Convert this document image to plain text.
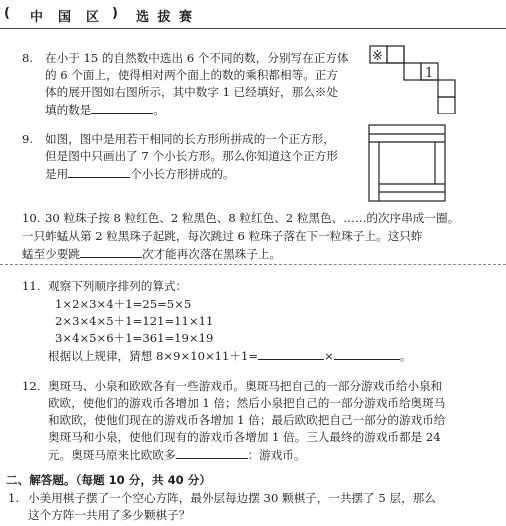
( 中 国 区 ) 选 拔 赛
8. 在小于 15 的自然数中选出 6 个不同的数，分别写在正方体
的 6 个面上，使得相对两个面上的数的乘积都相等。正方
体的展开图如右图所示，其中数字 1 已经填好，那么※处
填的数是	。
※
1
9. 如图，图中是用若干相同的长方形所拼成的一个正方形，
但是图中只画出了 7 个小长方形。那么你知道这个正方形
是用	个小长方形拼成的。
10. 30 粒珠子按 8 粒红色、2 粒黑色、8 粒红色、2 粒黑色、……的次序串成一圈。
一只蚱蜢从第 2 粒黑珠子起跳，每次跳过 6 粒珠子落在下一粒珠子上。这只蚱
蜢至少要跳	次才能再次落在黑珠子上。
11. 观察下列顺序排列的算式：
1×2×3×4＋1=25=5×5
2×3×4×5＋1=121=11×11
3×4×5×6＋1=361=19×19
根据以上规律，猜想 8×9×10×11＋1=	×	。
12. 奥斑马、小泉和欧欧各有一些游戏币。奥斑马把自己的一部分游戏币给小泉和
欧欧，使他们的游戏币各增加 1 倍；然后小泉把自己的一部分游戏币给奥斑马
和欧欧，使他们现在的游戏币各增加 1 倍；最后欧欧把自己一部分的游戏币给
奥斑马和小泉，使他们现有的游戏币各增加 1 倍。三人最终的游戏币都是 24
元。奥斑马原来比欧欧多	：游戏币。
二、解答题。（每题 10 分，共 40 分）
1. 小美用棋子摆了一个空心方阵，最外层每边摆 30 颗棋子，一共摆了 5 层，那么
这个方阵一共用了多少颗棋子？
